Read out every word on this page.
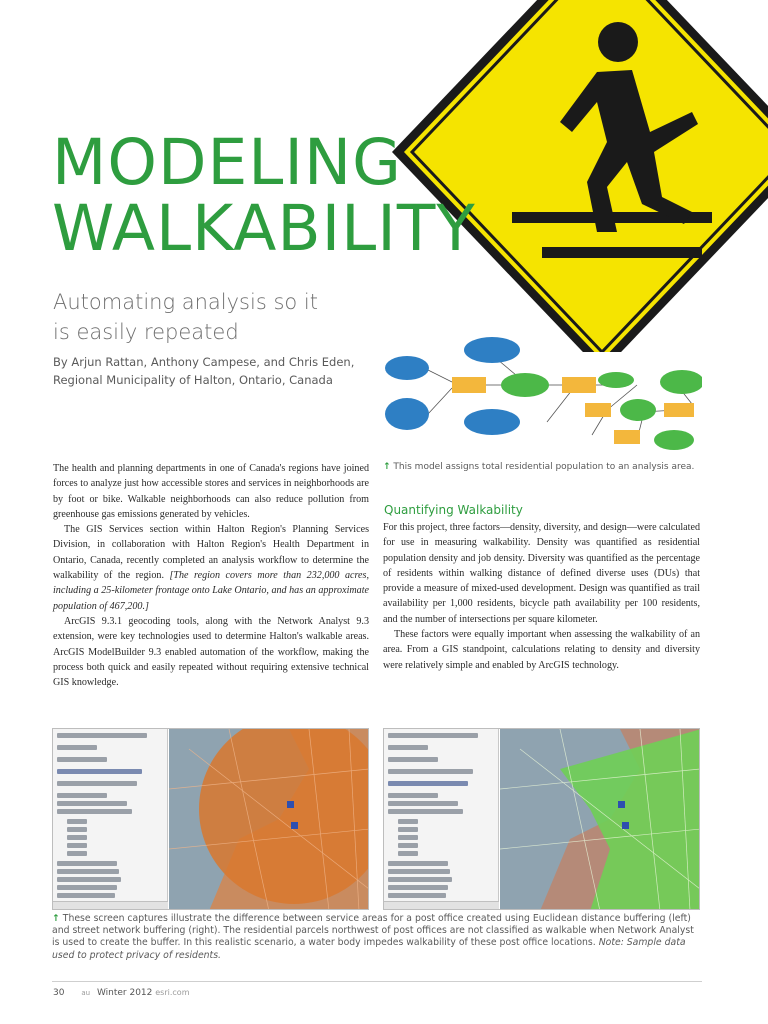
MODELING
WALKABILITY
Automating analysis so it
is easily repeated
By Arjun Rattan, Anthony Campese, and Chris Eden,
Regional Municipality of Halton, Ontario, Canada
↑ This model assigns total residential population to an analysis area.

The health and planning departments in one of Canada's regions have joined forces to analyze just how accessible stores and services in neighborhoods are by foot or bike. Walkable neighborhoods can also reduce pollution from greenhouse gas emissions generated by vehicles.

The GIS Services section within Halton Region's Planning Services Division, in collaboration with Halton Region's Health Department in Ontario, Canada, recently completed an analysis workflow to determine the walkability of the region. [The region covers more than 232,000 acres, including a 25-kilometer frontage onto Lake Ontario, and has an approximate population of 467,200.]

ArcGIS 9.3.1 geocoding tools, along with the Network Analyst 9.3 extension, were key technologies used to determine Halton's walkable areas. ArcGIS ModelBuilder 9.3 enabled automation of the workflow, making the process both quick and easily repeated without requiring extensive technical GIS knowledge.

Quantifying Walkability

For this project, three factors—density, diversity, and design—were calculated for use in measuring walkability. Density was quantified as residential population density and job density. Diversity was quantified as the percentage of residents within walking distance of defined diverse uses (DUs) that provide a measure of mixed-used development. Design was quantified as trail availability per 1,000 residents, bicycle path availability per 100 residents, and the number of intersections per square kilometer.

These factors were equally important when assessing the walkability of an area. From a GIS standpoint, calculations relating to density and diversity were relatively simple and enabled by ArcGIS technology.

↑ These screen captures illustrate the difference between service areas for a post office created using Euclidean distance buffering (left) and street network buffering (right). The residential parcels northwest of post offices are not classified as walkable when Network Analyst is used to create the buffer. In this realistic scenario, a water body impedes walkability of these post office locations. Note: Sample data used to protect privacy of residents.
30 au Winter 2012 esri.com
